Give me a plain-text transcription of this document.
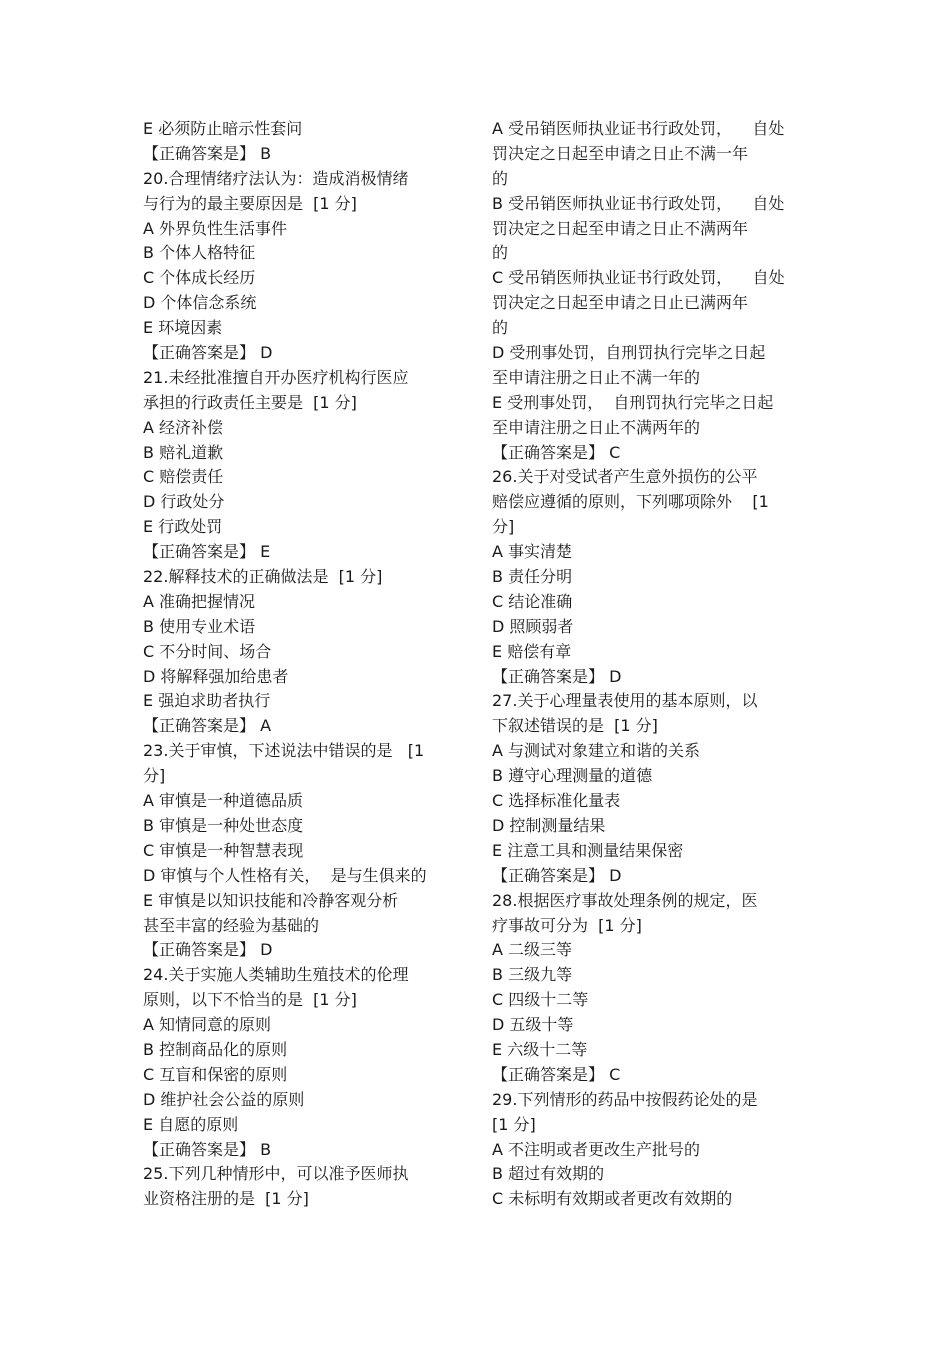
E 必须防止暗示性套问
【正确答案是】 B
20.合理情绪疗法认为：造成消极情绪
与行为的最主要原因是  [1 分]
A 外界负性生活事件
B 个体人格特征
C 个体成长经历
D 个体信念系统
E 环境因素
【正确答案是】 D
21.未经批准擅自开办医疗机构行医应
承担的行政责任主要是  [1 分]
A 经济补偿
B 赔礼道歉
C 赔偿责任
D 行政处分
E 行政处罚
【正确答案是】 E
22.解释技术的正确做法是  [1 分]
A 准确把握情况
B 使用专业术语
C 不分时间、场合
D 将解释强加给患者
E 强迫求助者执行
【正确答案是】 A
23.关于审慎，下述说法中错误的是   [1
分]
A 审慎是一种道德品质
B 审慎是一种处世态度
C 审慎是一种智慧表现
D 审慎与个人性格有关，  是与生俱来的
E 审慎是以知识技能和冷静客观分析
甚至丰富的经验为基础的
【正确答案是】 D
24.关于实施人类辅助生殖技术的伦理
原则，以下不恰当的是  [1 分]
A 知情同意的原则
B 控制商品化的原则
C 互盲和保密的原则
D 维护社会公益的原则
E 自愿的原则
【正确答案是】 B
25.下列几种情形中，可以准予医师执
业资格注册的是  [1 分]
A 受吊销医师执业证书行政处罚，    自处
罚决定之日起至申请之日止不满一年
的
B 受吊销医师执业证书行政处罚，    自处
罚决定之日起至申请之日止不满两年
的
C 受吊销医师执业证书行政处罚，    自处
罚决定之日起至申请之日止已满两年
的
D 受刑事处罚，自刑罚执行完毕之日起
至申请注册之日止不满一年的
E 受刑事处罚，  自刑罚执行完毕之日起
至申请注册之日止不满两年的
【正确答案是】 C
26.关于对受试者产生意外损伤的公平
赔偿应遵循的原则，下列哪项除外    [1
分]
A 事实清楚
B 责任分明
C 结论准确
D 照顾弱者
E 赔偿有章
【正确答案是】 D
27.关于心理量表使用的基本原则，以
下叙述错误的是  [1 分]
A 与测试对象建立和谐的关系
B 遵守心理测量的道德
C 选择标准化量表
D 控制测量结果
E 注意工具和测量结果保密
【正确答案是】 D
28.根据医疗事故处理条例的规定，医
疗事故可分为  [1 分]
A 二级三等
B 三级九等
C 四级十二等
D 五级十等
E 六级十二等
【正确答案是】 C
29.下列情形的药品中按假药论处的是
[1 分]
A 不注明或者更改生产批号的
B 超过有效期的
C 未标明有效期或者更改有效期的
